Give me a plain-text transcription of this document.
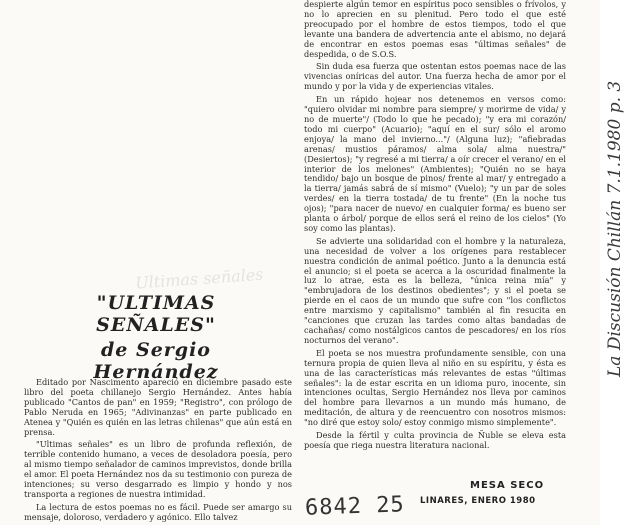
Ultimas señales
"ULTIMAS SEÑALES"
de Sergio Hernández

Editado por Nascimento apareció en diciembre pasado este libro del poeta chillanejo Sergio Hernández. Antes había publicado "Cantos de pan" en 1959; "Registro", con prólogo de Pablo Neruda en 1965; "Adivinanzas" en parte publicado en Atenea y "Quién es quién en las letras chilenas" que aún está en prensa.

"Ultimas señales" es un libro de profunda reflexión, de terrible contenido humano, a veces de desoladora poesía, pero al mismo tiempo señalador de caminos imprevistos, donde brilla el amor. El poeta Hernández nos da su testimonio con pureza de intenciones; su verso desgarrado es limpio y hondo y nos transporta a regiones de nuestra intimidad.

La lectura de estos poemas no es fácil. Puede ser amargo su mensaje, doloroso, verdadero y agónico. Ello talvez

despierte algún temor en espíritus poco sensibles o frívolos, y no lo aprecien en su plenitud. Pero todo el que esté preocupado por el hombre de estos tiempos, todo el que levante una bandera de advertencia ante el abismo, no dejará de encontrar en estos poemas esas "últimas señales" de despedida, o de S.O.S.

Sin duda esa fuerza que ostentan estos poemas nace de las vivencias oníricas del autor. Una fuerza hecha de amor por el mundo y por la vida y de experiencias vitales.

En un rápido hojear nos detenemos en versos como: "quiero olvidar mi nombre para siempre/ y morirme de vida/ y no de muerte"/ (Todo lo que he pecado); "y era mi corazón/ todo mi cuerpo" (Acuario); "aquí en el sur/ sólo el aromo enjoya/ la mano del invierno..."/ (Alguna luz); "afiebradas arenas/ mustios páramos/ alma sola/ alma nuestra/" (Desiertos); "y regresé a mi tierra/ a oír crecer el verano/ en el interior de los melones" (Ambientes); "Quién no se haya tendido/ bajo un bosque de pinos/ frente al mar/ y entregado a la tierra/ jamás sabrá de sí mismo" (Vuelo); "y un par de soles verdes/ en la tierra tostada/ de tu frente" (En la noche tus ojos); "para nacer de nuevo/ en cualquier forma/ es bueno ser planta o árbol/ porque de ellos será el reino de los cielos" (Yo soy como las plantas).

Se advierte una solidaridad con el hombre y la naturaleza, una necesidad de volver a los orígenes para restablecer nuestra condición de animal poético. Junto a la denuncia está el anuncio; si el poeta se acerca a la oscuridad finalmente la luz lo atrae, esta es la belleza, "única reina mía" y "embrujadora de los destinos obedientes"; y si el poeta se pierde en el caos de un mundo que sufre con "los conflictos entre marxismo y capitalismo" también al fin resucita en "canciones que cruzan las tardes como altas bandadas de cachañas/ como nostálgicos cantos de pescadores/ en los ríos nocturnos del verano".

El poeta se nos muestra profundamente sensible, con una ternura propia de quien lleva al niño en su espíritu, y ésta es una de las características más relevantes de estas "últimas señales": la de estar escrita en un idioma puro, inocente, sin intenciones ocultas, Sergio Hernández nos lleva por caminos del hombre para llevarnos a un mundo más humano, de meditación, de altura y de reencuentro con nosotros mismos: "no diré que estoy solo/ estoy conmigo mismo simplemente".

Desde la fértil y culta provincia de Ñuble se eleva esta poesía que riega nuestra literatura nacional.

MESA SECO
LINARES, ENERO 1980
6842 25
La Discusión Chillán 7.1.1980 p. 3
